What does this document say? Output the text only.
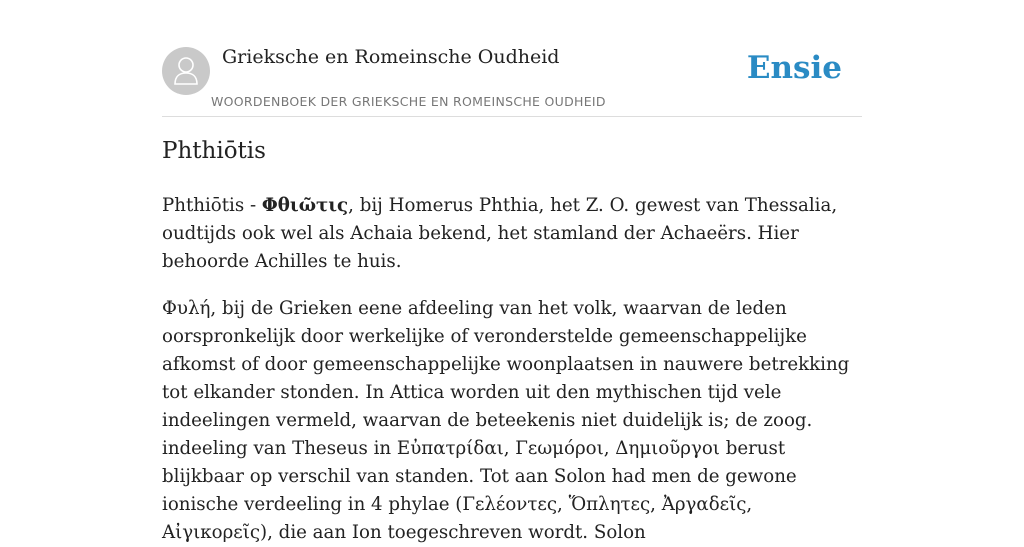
Grieksche en Romeinsche Oudheid
WOORDENBOEK DER GRIEKSCHE EN ROMEINSCHE OUDHEID
Ensie
Phthiōtis

Phthiōtis - Φθιῶτις, bij Homerus Phthia, het Z. O. gewest van Thessalia, oudtijds ook wel als Achaia bekend, het stamland der Achaeërs. Hier behoorde Achilles te huis.

Φυλή, bij de Grieken eene afdeeling van het volk, waarvan de leden oorspronkelijk door werkelijke of veronderstelde gemeenschappelijke afkomst of door gemeenschappelijke woonplaatsen in nauwere betrekking tot elkander stonden. In Attica worden uit den mythischen tijd vele indeelingen vermeld, waarvan de beteekenis niet duidelijk is; de zoog. indeeling van Theseus in Εὐπατρίδαι, Γεωμόροι, Δημιοῦργοι berust blijkbaar op verschil van standen. Tot aan Solon had men de gewone ionische verdeeling in 4 phylae (Γελέοντες, Ὅπλητες, Ἀργαδεῖς, Αἰγικορεῖς), die aan Ion toegeschreven wordt. Solon
